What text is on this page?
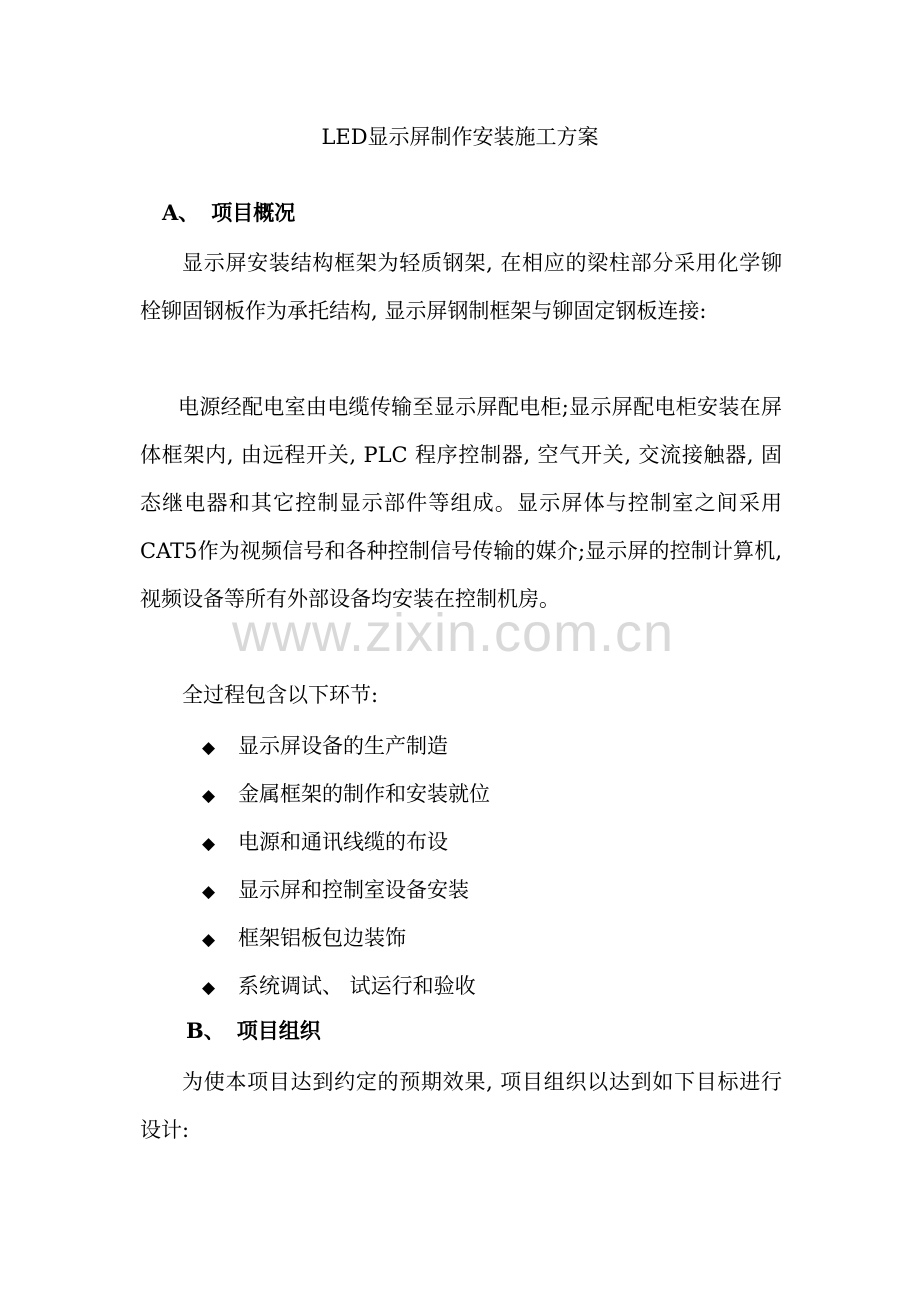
www.zixin.com.cn
LED显示屏制作安装施工方案
A、 项目概况

显示屏安装结构框架为轻质钢架, 在相应的梁柱部分采用化学铆栓铆固钢板作为承托结构, 显示屏钢制框架与铆固定钢板连接:

电源经配电室由电缆传输至显示屏配电柜;显示屏配电柜安装在屏体框架内, 由远程开关, PLC 程序控制器, 空气开关, 交流接触器, 固态继电器和其它控制显示部件等组成。显示屏体与控制室之间采用CAT5作为视频信号和各种控制信号传输的媒介;显示屏的控制计算机,视频设备等所有外部设备均安装在控制机房。

全过程包含以下环节:

◆ 显示屏设备的生产制造
◆ 金属框架的制作和安装就位
◆ 电源和通讯线缆的布设
◆ 显示屏和控制室设备安装
◆ 框架铝板包边装饰
◆ 系统调试、 试运行和验收
B、 项目组织

为使本项目达到约定的预期效果, 项目组织以达到如下目标进行设计:
